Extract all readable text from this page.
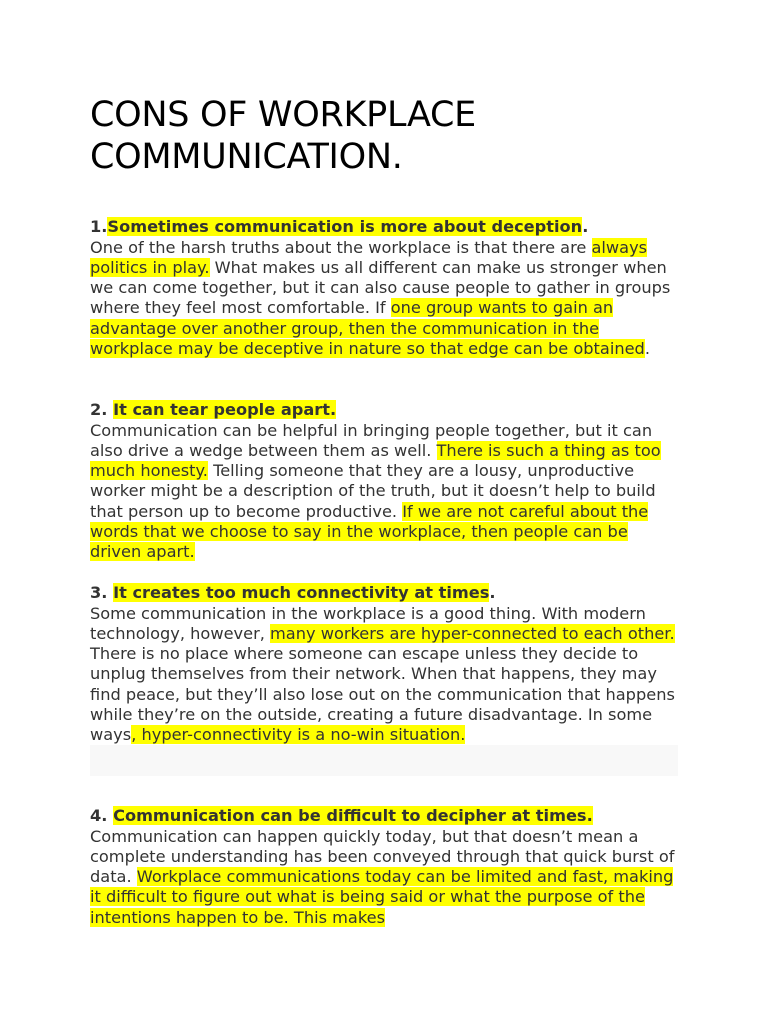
CONS OF WORKPLACE COMMUNICATION.

1.Sometimes communication is more about deception.
One of the harsh truths about the workplace is that there are always politics in play. What makes us all different can make us stronger when we can come together, but it can also cause people to gather in groups where they feel most comfortable. If one group wants to gain an advantage over another group, then the communication in the workplace may be deceptive in nature so that edge can be obtained.

2. It can tear people apart.
Communication can be helpful in bringing people together, but it can also drive a wedge between them as well. There is such a thing as too much honesty. Telling someone that they are a lousy, unproductive worker might be a description of the truth, but it doesn’t help to build that person up to become productive. If we are not careful about the words that we choose to say in the workplace, then people can be driven apart.

3. It creates too much connectivity at times.
Some communication in the workplace is a good thing. With modern technology, however, many workers are hyper-connected to each other. There is no place where someone can escape unless they decide to unplug themselves from their network. When that happens, they may find peace, but they’ll also lose out on the communication that happens while they’re on the outside, creating a future disadvantage. In some ways, hyper-connectivity is a no-win situation.

4. Communication can be difficult to decipher at times.
Communication can happen quickly today, but that doesn’t mean a complete understanding has been conveyed through that quick burst of data. Workplace communications today can be limited and fast, making it difficult to figure out what is being said or what the purpose of the intentions happen to be. This makes
